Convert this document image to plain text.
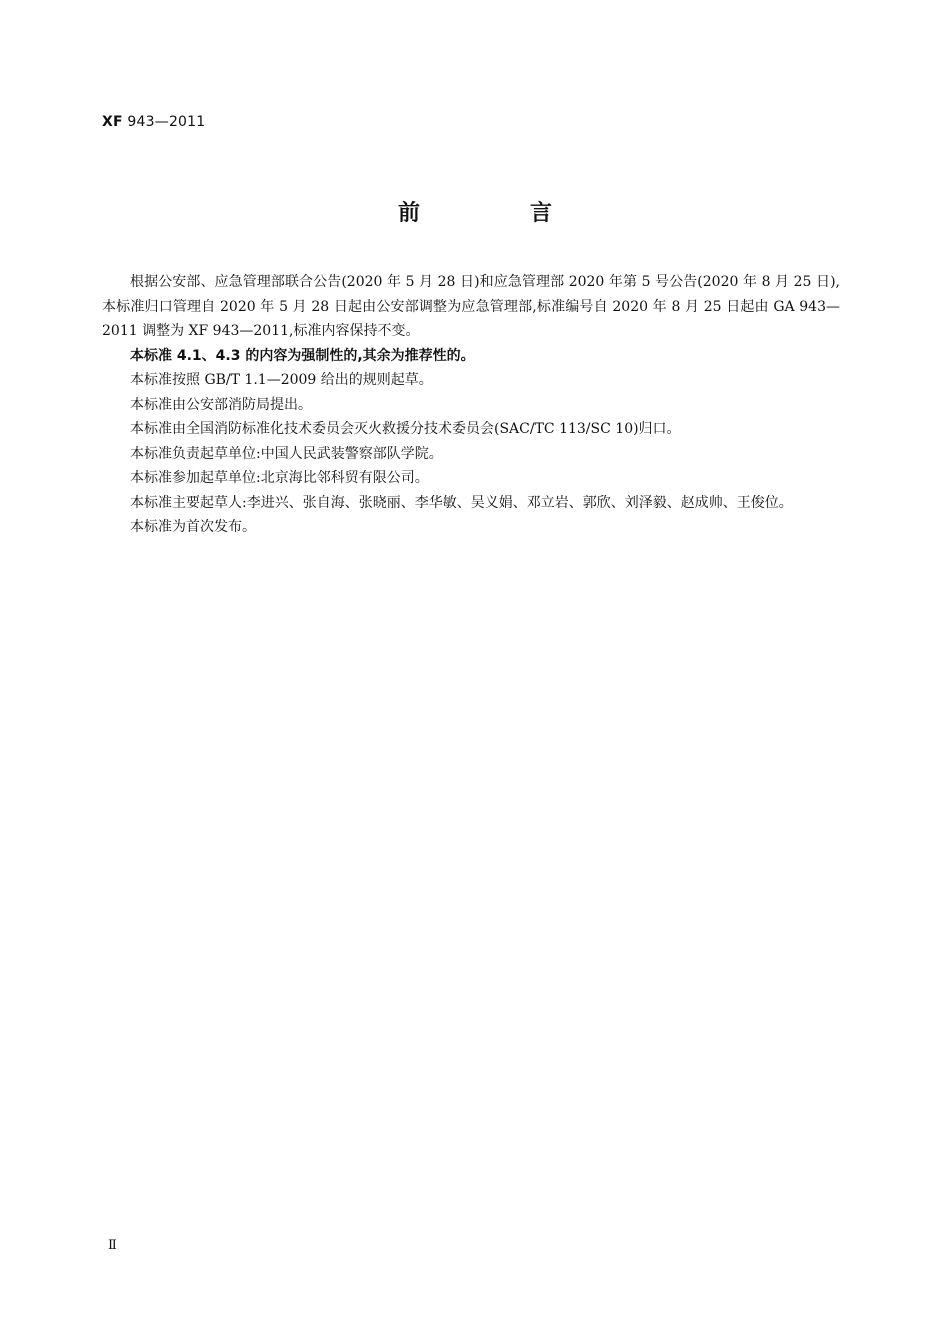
XF 943—2011
前　言

根据公安部、应急管理部联合公告(2020 年 5 月 28 日)和应急管理部 2020 年第 5 号公告(2020 年 8 月 25 日),本标准归口管理自 2020 年 5 月 28 日起由公安部调整为应急管理部,标准编号自 2020 年 8 月 25 日起由 GA 943—2011 调整为 XF 943—2011,标准内容保持不变。

本标准 4.1、4.3 的内容为强制性的,其余为推荐性的。

本标准按照 GB/T 1.1—2009 给出的规则起草。

本标准由公安部消防局提出。

本标准由全国消防标准化技术委员会灭火救援分技术委员会(SAC/TC 113/SC 10)归口。

本标准负责起草单位:中国人民武装警察部队学院。

本标准参加起草单位:北京海比邻科贸有限公司。

本标准主要起草人:李进兴、张自海、张晓丽、李华敏、吴义娟、邓立岩、郭欣、刘泽毅、赵成帅、王俊位。

本标准为首次发布。

Ⅱ
